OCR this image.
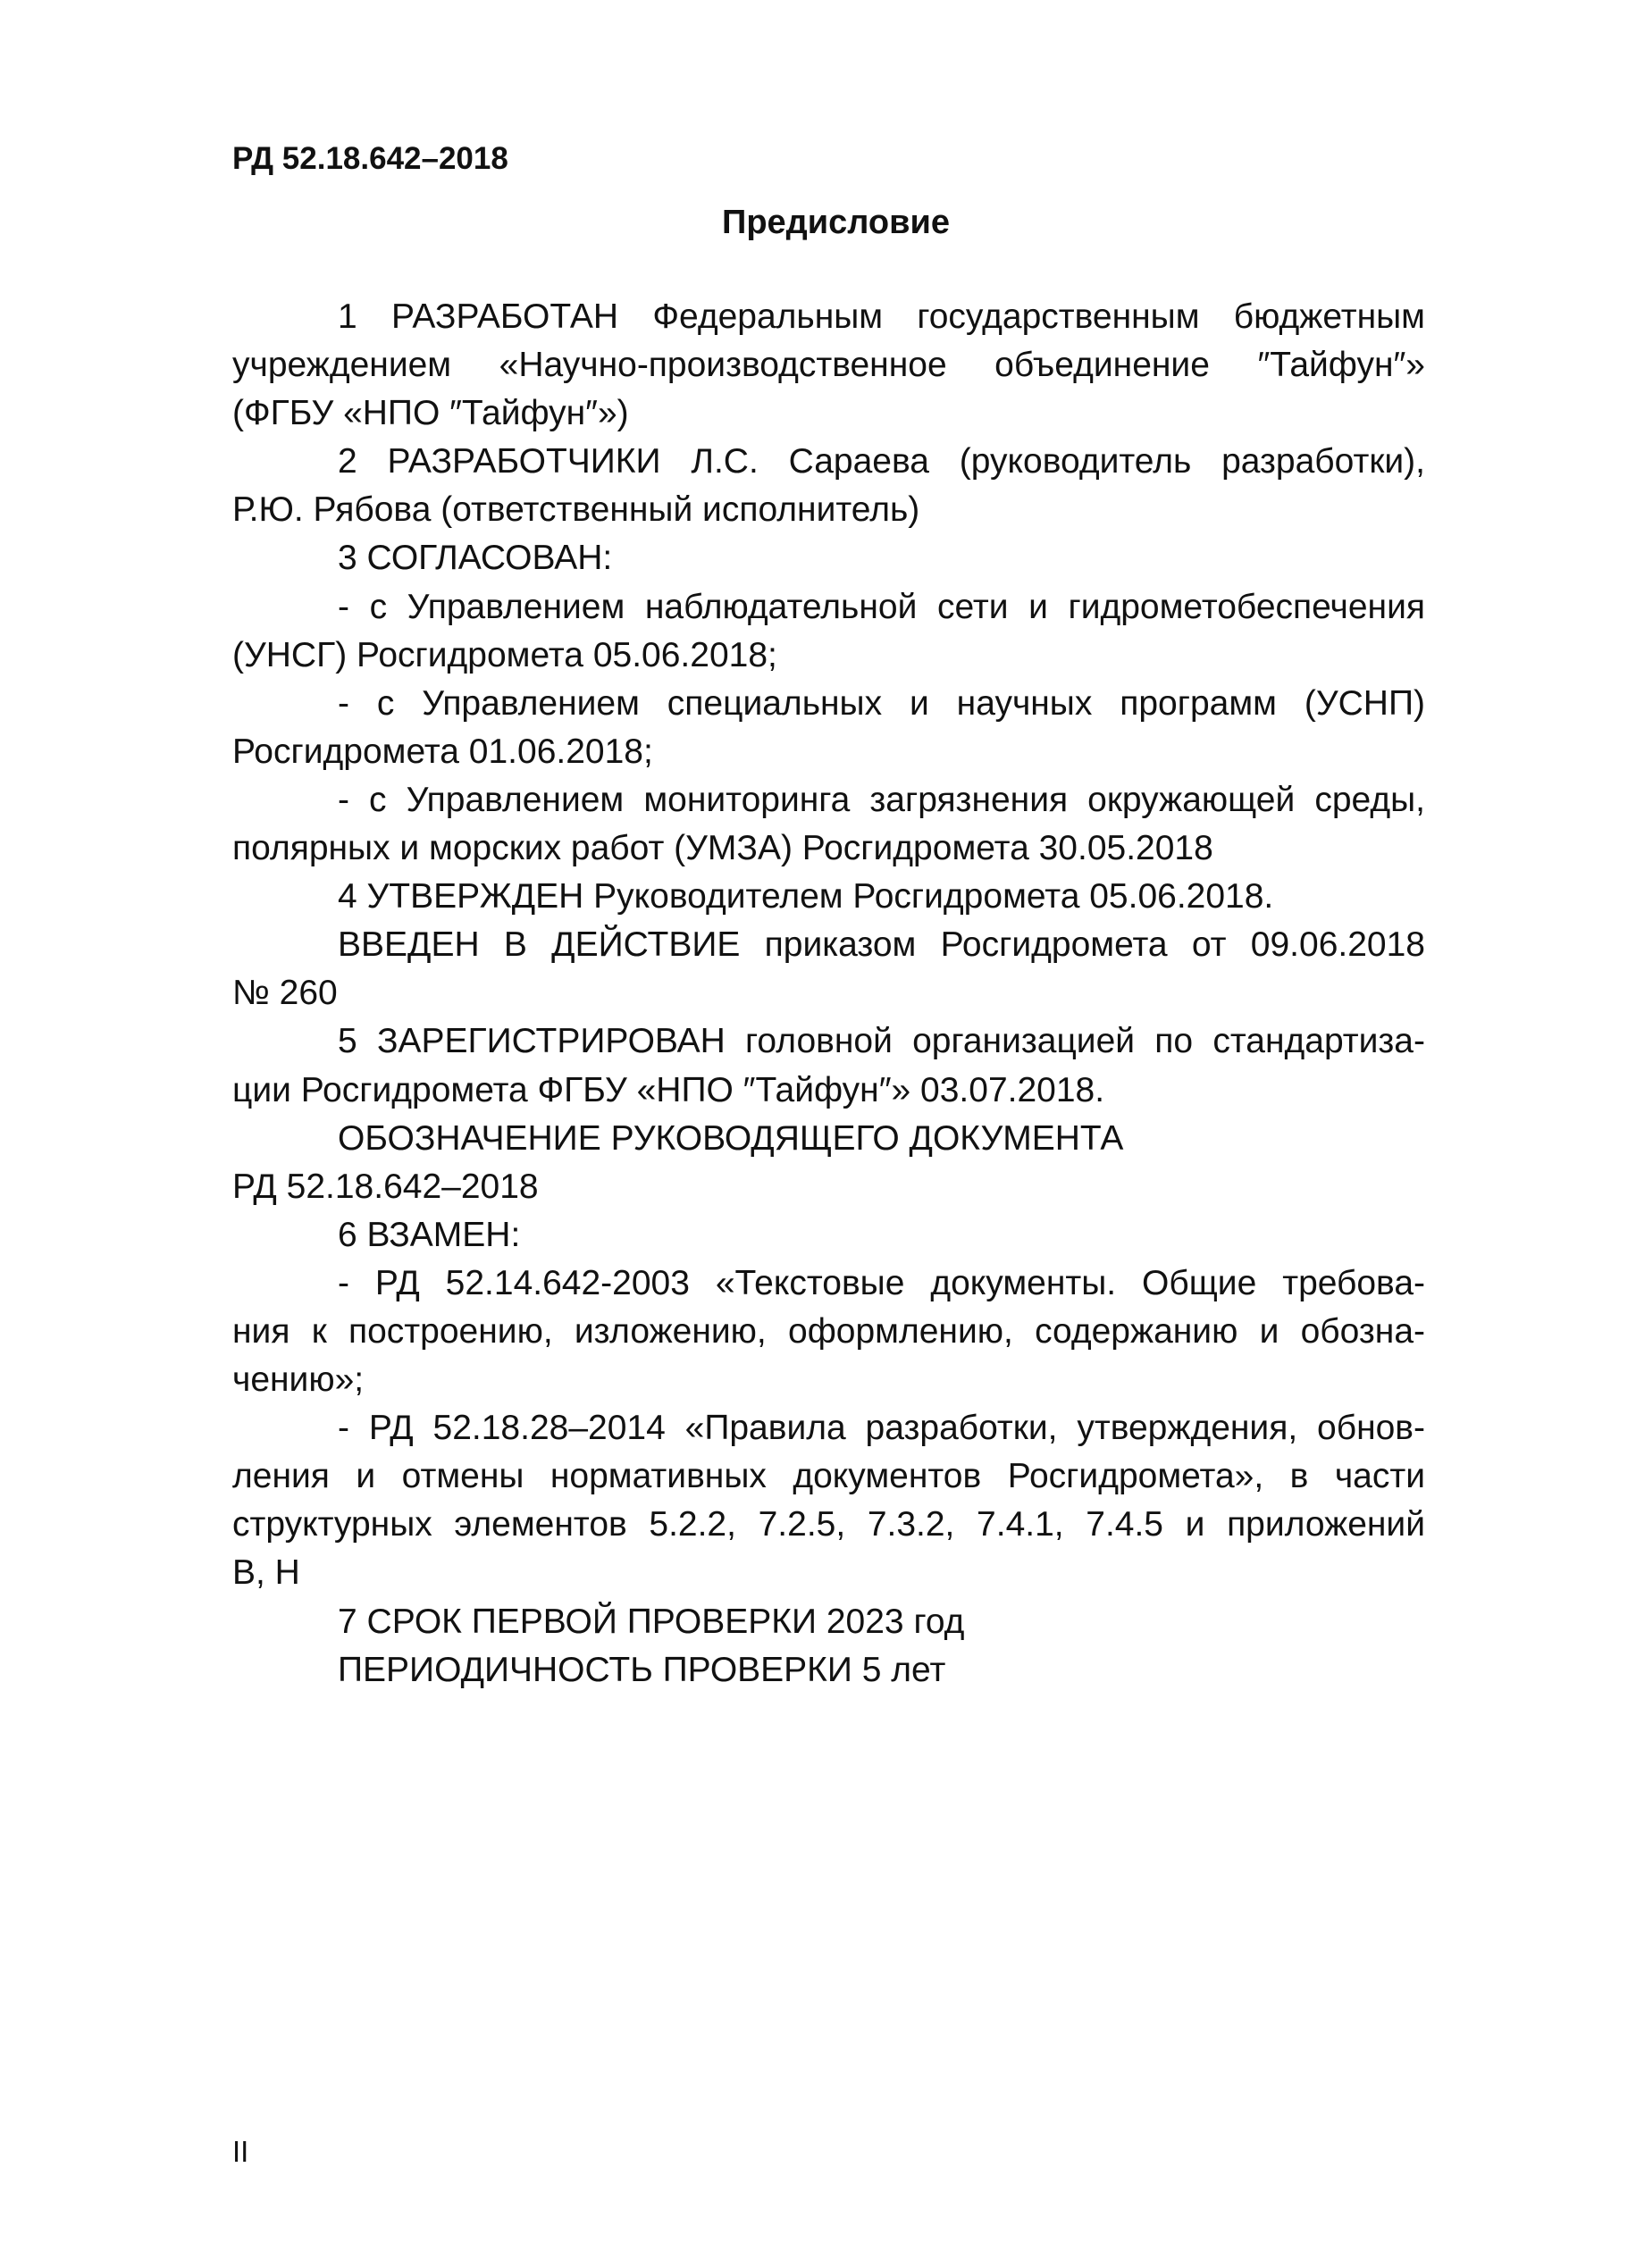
РД 52.18.642–2018
Предисловие
1 РАЗРАБОТАН Федеральным государственным бюджетным
учреждением «Научно-производственное объединение ″Тайфун″»
(ФГБУ «НПО ″Тайфун″»)
2 РАЗРАБОТЧИКИ Л.С. Сараева (руководитель разработки),
Р.Ю. Рябова (ответственный исполнитель)
3 СОГЛАСОВАН:
- с Управлением наблюдательной сети и гидрометобеспечения
(УНСГ) Росгидромета 05.06.2018;
- с Управлением специальных и научных программ (УСНП)
Росгидромета 01.06.2018;
- с Управлением мониторинга загрязнения окружающей среды,
полярных и морских работ (УМЗА) Росгидромета 30.05.2018
4 УТВЕРЖДЕН Руководителем Росгидромета 05.06.2018.
ВВЕДЕН В ДЕЙСТВИЕ приказом Росгидромета от 09.06.2018
№ 260
5 ЗАРЕГИСТРИРОВАН головной организацией по стандартиза-
ции Росгидромета ФГБУ «НПО ″Тайфун″» 03.07.2018.
ОБОЗНАЧЕНИЕ РУКОВОДЯЩЕГО ДОКУМЕНТА
РД 52.18.642–2018
6 ВЗАМЕН:
- РД 52.14.642-2003 «Текстовые документы. Общие требова-
ния к построению, изложению, оформлению, содержанию и обозна-
чению»;
- РД 52.18.28–2014 «Правила разработки, утверждения, обнов-
ления и отмены нормативных документов Росгидромета», в части
структурных элементов 5.2.2, 7.2.5, 7.3.2, 7.4.1, 7.4.5 и приложений
В, Н
7 СРОК ПЕРВОЙ ПРОВЕРКИ 2023 год
ПЕРИОДИЧНОСТЬ ПРОВЕРКИ 5 лет
II
